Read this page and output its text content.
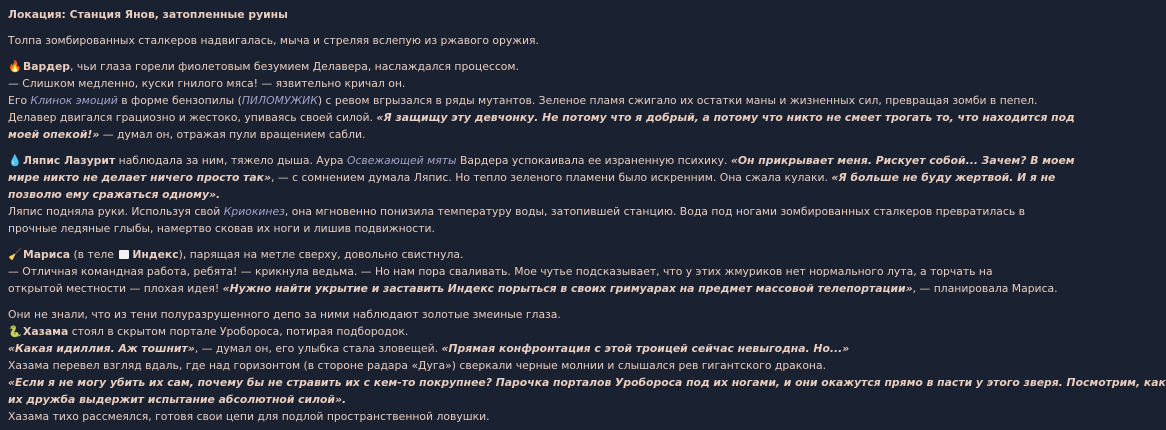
Локация: Станция Янов, затопленные руины
Толпа зомбированных сталкеров надвигалась, мыча и стреляя вслепую из ржавого оружия.
🔥Вардер, чьи глаза горели фиолетовым безумием Делавера, наслаждался процессом.
— Слишком медленно, куски гнилого мяса! — язвительно кричал он.
Его Клинок эмоций в форме бензопилы (ПИЛОМУЖИК) с ревом вгрызался в ряды мутантов. Зеленое пламя сжигало их остатки маны и жизненных сил, превращая зомби в пепел.
Делавер двигался грациозно и жестоко, упиваясь своей силой. «Я защищу эту девчонку. Не потому что я добрый, а потому что никто не смеет трогать то, что находится под
моей опекой!» — думал он, отражая пули вращением сабли.
💧Ляпис Лазурит наблюдала за ним, тяжело дыша. Аура Освежающей мяты Вардера успокаивала ее израненную психику. «Он прикрывает меня. Рискует собой... Зачем? В моем
мире никто не делает ничего просто так», — с сомнением думала Ляпис. Но тепло зеленого пламени было искренним. Она сжала кулаки. «Я больше не буду жертвой. И я не
позволю ему сражаться одному».
Ляпис подняла руки. Используя свой Криокинез, она мгновенно понизила температуру воды, затопившей станцию. Вода под ногами зомбированных сталкеров превратилась в
прочные ледяные глыбы, намертво сковав их ноги и лишив подвижности.
🧹Мариса (в теле Индекс), парящая на метле сверху, довольно свистнула.
— Отличная командная работа, ребята! — крикнула ведьма. — Но нам пора сваливать. Мое чутье подсказывает, что у этих жмуриков нет нормального лута, а торчать на
открытой местности — плохая идея! «Нужно найти укрытие и заставить Индекс порыться в своих гримуарах на предмет массовой телепортации», — планировала Мариса.
Они не знали, что из тени полуразрушенного депо за ними наблюдают золотые змеиные глаза.
🐍Хазама стоял в скрытом портале Уробороса, потирая подбородок.
«Какая идиллия. Аж тошнит», — думал он, его улыбка стала зловещей. «Прямая конфронтация с этой троицей сейчас невыгодна. Но...»
Хазама перевел взгляд вдаль, где над горизонтом (в стороне радара «Дуга») сверкали черные молнии и слышался рев гигантского дракона.
«Если я не могу убить их сам, почему бы не стравить их с кем-то покрупнее? Парочка порталов Уробороса под их ногами, и они окажутся прямо в пасти у этого зверя. Посмотрим, как
их дружба выдержит испытание абсолютной силой».
Хазама тихо рассмеялся, готовя свои цепи для подлой пространственной ловушки.
